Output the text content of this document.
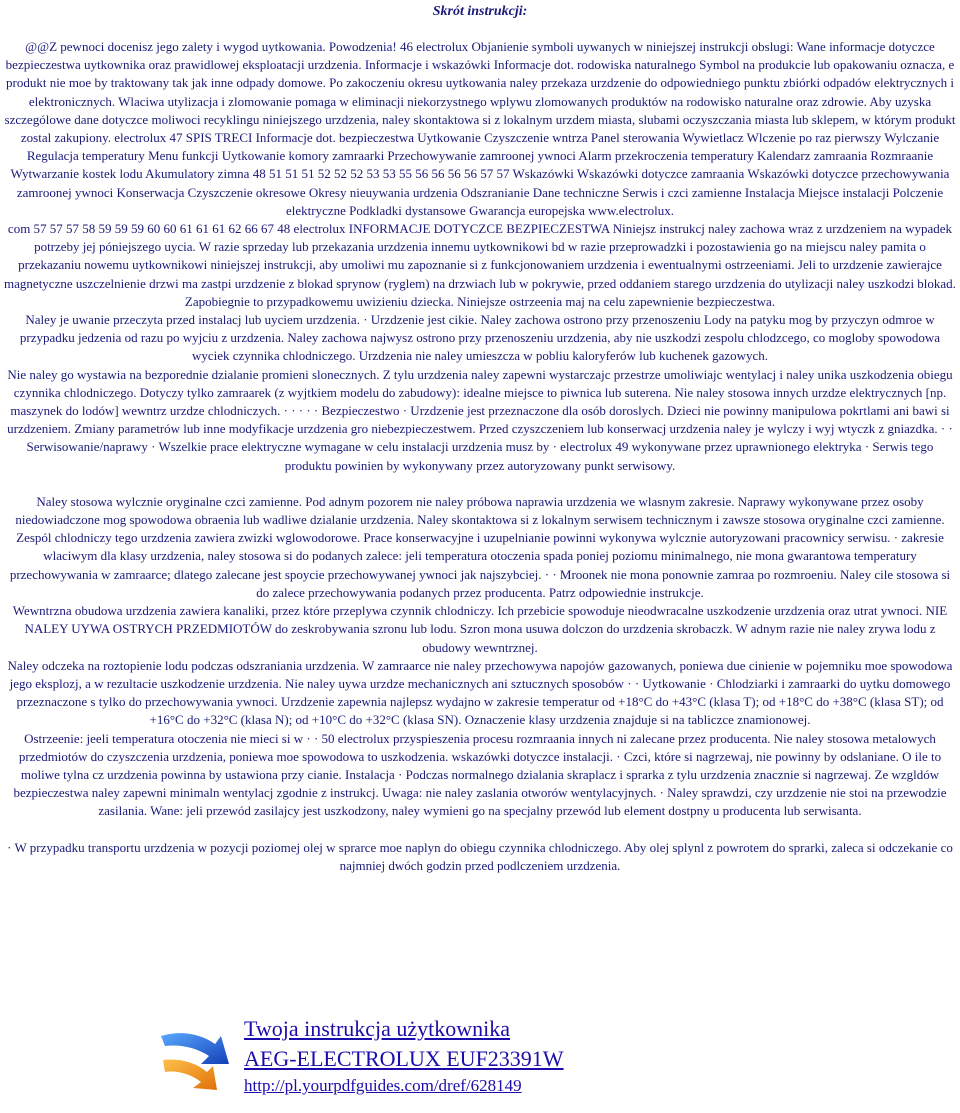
Skrót instrukcji:

@@Z pewnoci docenisz jego zalety i wygod uytkowania. Powodzenia! 46 electrolux Objanienie symboli uywanych w niniejszej instrukcji obslugi: Wane informacje dotyczce bezpieczestwa uytkownika oraz prawidlowej eksploatacji urzdzenia. Informacje i wskazówki Informacje dot. rodowiska naturalnego Symbol na produkcie lub opakowaniu oznacza, e produkt nie moe by traktowany tak jak inne odpady domowe. Po zakoczeniu okresu uytkowania naley przekaza urzdzenie do odpowiedniego punktu zbiórki odpadów elektrycznych i elektronicznych. Wlaciwa utylizacja i zlomowanie pomaga w eliminacji niekorzystnego wplywu zlomowanych produktów na rodowisko naturalne oraz zdrowie. Aby uzyska szczególowe dane dotyczce moliwoci recyklingu niniejszego urzdzenia, naley skontaktowa si z lokalnym urzdem miasta, slubami oczyszczania miasta lub sklepem, w którym produkt zostal zakupiony. electrolux 47 SPIS TRECI Informacje dot. bezpieczestwa Uytkowanie Czyszczenie wntrza Panel sterowania Wywietlacz Wlczenie po raz pierwszy Wylczanie Regulacja temperatury Menu funkcji Uytkowanie komory zamraarki Przechowywanie zamroonej ywnoci Alarm przekroczenia temperatury Kalendarz zamraania Rozmraanie Wytwarzanie kostek lodu Akumulatory zimna 48 51 51 51 52 52 52 53 53 55 56 56 56 56 57 57 Wskazówki Wskazówki dotyczce zamraania Wskazówki dotyczce przechowywania zamroonej ywnoci Konserwacja Czyszczenie okresowe Okresy nieuywania urdzenia Odszranianie Dane techniczne Serwis i czci zamienne Instalacja Miejsce instalacji Polczenie elektryczne Podkladki dystansowe Gwarancja europejska www.electrolux.

com 57 57 57 58 59 59 59 60 60 61 61 61 62 66 67 48 electrolux INFORMACJE DOTYCZCE BEZPIECZESTWA Niniejsz instrukcj naley zachowa wraz z urzdzeniem na wypadek potrzeby jej póniejszego uycia. W razie sprzeday lub przekazania urzdzenia innemu uytkownikowi bd w razie przeprowadzki i pozostawienia go na miejscu naley pamita o przekazaniu nowemu uytkownikowi niniejszej instrukcji, aby umoliwi mu zapoznanie si z funkcjonowaniem urzdzenia i ewentualnymi ostrzeeniami. Jeli to urzdzenie zawierajce magnetyczne uszczelnienie drzwi ma zastpi urzdzenie z blokad sprynow (ryglem) na drzwiach lub w pokrywie, przed oddaniem starego urzdzenia do utylizacji naley uszkodzi blokad. Zapobiegnie to przypadkowemu uwizieniu dziecka. Niniejsze ostrzeenia maj na celu zapewnienie bezpieczestwa.

Naley je uwanie przeczyta przed instalacj lub uyciem urzdzenia. · Urzdzenie jest cikie. Naley zachowa ostrono przy przenoszeniu Lody na patyku mog by przyczyn odmroe w przypadku jedzenia od razu po wyjciu z urzdzenia. Naley zachowa najwysz ostrono przy przenoszeniu urzdzenia, aby nie uszkodzi zespolu chlodzcego, co mogloby spowodowa wyciek czynnika chlodniczego. Urzdzenia nie naley umieszcza w pobliu kaloryferów lub kuchenek gazowych.

Nie naley go wystawia na bezporednie dzialanie promieni slonecznych. Z tylu urzdzenia naley zapewni wystarczajc przestrze umoliwiajc wentylacj i naley unika uszkodzenia obiegu czynnika chlodniczego. Dotyczy tylko zamraarek (z wyjtkiem modelu do zabudowy): idealne miejsce to piwnica lub suterena. Nie naley stosowa innych urzdze elektrycznych [np. maszynek do lodów] wewntrz urzdze chlodniczych. · · · · · Bezpieczestwo · Urzdzenie jest przeznaczone dla osób doroslych. Dzieci nie powinny manipulowa pokrtlami ani bawi si urzdzeniem. Zmiany parametrów lub inne modyfikacje urzdzenia gro niebezpieczestwem. Przed czyszczeniem lub konserwacj urzdzenia naley je wylczy i wyj wtyczk z gniazdka. · · Serwisowanie/naprawy · Wszelkie prace elektryczne wymagane w celu instalacji urzdzenia musz by · electrolux 49 wykonywane przez uprawnionego elektryka · Serwis tego produktu powinien by wykonywany przez autoryzowany punkt serwisowy.

Naley stosowa wylcznie oryginalne czci zamienne. Pod adnym pozorem nie naley próbowa naprawia urzdzenia we wlasnym zakresie. Naprawy wykonywane przez osoby niedowiadczone mog spowodowa obraenia lub wadliwe dzialanie urzdzenia. Naley skontaktowa si z lokalnym serwisem technicznym i zawsze stosowa oryginalne czci zamienne. Zespól chlodniczy tego urzdzenia zawiera zwizki wglowodorowe. Prace konserwacyjne i uzupelnianie powinni wykonywa wylcznie autoryzowani pracownicy serwisu. · zakresie wlaciwym dla klasy urzdzenia, naley stosowa si do podanych zalece: jeli temperatura otoczenia spada poniej poziomu minimalnego, nie mona gwarantowa temperatury przechowywania w zamraarce; dlatego zalecane jest spoycie przechowywanej ywnoci jak najszybciej. · · Mroonek nie mona ponownie zamraa po rozmroeniu. Naley cile stosowa si do zalece przechowywania podanych przez producenta. Patrz odpowiednie instrukcje.

Wewntrzna obudowa urzdzenia zawiera kanaliki, przez które przeplywa czynnik chlodniczy. Ich przebicie spowoduje nieodwracalne uszkodzenie urzdzenia oraz utrat ywnoci. NIE NALEY UYWA OSTRYCH PRZEDMIOTÓW do zeskrobywania szronu lub lodu. Szron mona usuwa dolczon do urzdzenia skrobaczk. W adnym razie nie naley zrywa lodu z obudowy wewntrznej.

Naley odczeka na roztopienie lodu podczas odszraniania urzdzenia. W zamraarce nie naley przechowywa napojów gazowanych, poniewa due cinienie w pojemniku moe spowodowa jego eksplozj, a w rezultacie uszkodzenie urzdzenia. Nie naley uywa urzdze mechanicznych ani sztucznych sposobów · · Uytkowanie · Chlodziarki i zamraarki do uytku domowego przeznaczone s tylko do przechowywania ywnoci. Urzdzenie zapewnia najlepsz wydajno w zakresie temperatur od +18°C do +43°C (klasa T); od +18°C do +38°C (klasa ST); od +16°C do +32°C (klasa N); od +10°C do +32°C (klasa SN). Oznaczenie klasy urzdzenia znajduje si na tabliczce znamionowej.

Ostrzeenie: jeeli temperatura otoczenia nie mieci si w · · 50 electrolux przyspieszenia procesu rozmraania innych ni zalecane przez producenta. Nie naley stosowa metalowych przedmiotów do czyszczenia urzdzenia, poniewa moe spowodowa to uszkodzenia. wskazówki dotyczce instalacji. · Czci, które si nagrzewaj, nie powinny by odslaniane. O ile to moliwe tylna cz urzdzenia powinna by ustawiona przy cianie. Instalacja · Podczas normalnego dzialania skraplacz i sprarka z tylu urzdzenia znacznie si nagrzewaj. Ze wzgldów bezpieczestwa naley zapewni minimaln wentylacj zgodnie z instrukcj. Uwaga: nie naley zaslania otworów wentylacyjnych. · Naley sprawdzi, czy urzdzenie nie stoi na przewodzie zasilania. Wane: jeli przewód zasilajcy jest uszkodzony, naley wymieni go na specjalny przewód lub element dostpny u producenta lub serwisanta.

· W przypadku transportu urzdzenia w pozycji poziomej olej w sprarce moe naplyn do obiegu czynnika chlodniczego. Aby olej splynl z powrotem do sprarki, zaleca si odczekanie co najmniej dwóch godzin przed podlczeniem urzdzenia.

Twoja instrukcja użytkownika
AEG-ELECTROLUX EUF23391W
http://pl.yourpdfguides.com/dref/628149
